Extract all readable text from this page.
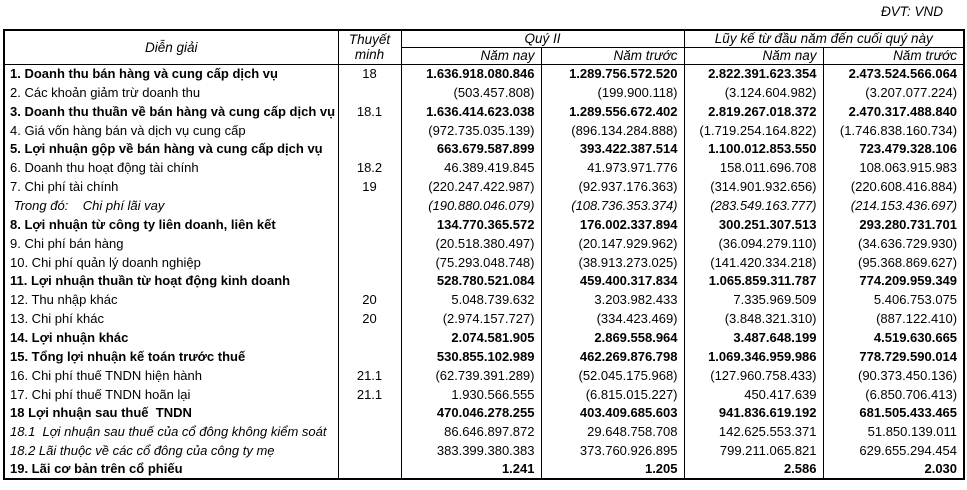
ĐVT: VND
Diễn giải	Thuyết minh	Quý II		Lũy kế từ đầu năm đến cuối quý này	
		Năm nay	Năm trước	Năm nay	Năm trước
1. Doanh thu bán hàng và cung cấp dịch vụ	18	1.636.918.080.846	1.289.756.572.520	2.822.391.623.354	2.473.524.566.064
2. Các khoản giảm trừ doanh thu		(503.457.808)	(199.900.118)	(3.124.604.982)	(3.207.077.224)
3. Doanh thu thuần về bán hàng và cung cấp dịch vụ	18.1	1.636.414.623.038	1.289.556.672.402	2.819.267.018.372	2.470.317.488.840
4. Giá vốn hàng bán và dịch vụ cung cấp		(972.735.035.139)	(896.134.284.888)	(1.719.254.164.822)	(1.746.838.160.734)
5. Lợi nhuận gộp về bán hàng và cung cấp dịch vụ		663.679.587.899	393.422.387.514	1.100.012.853.550	723.479.328.106
6. Doanh thu hoạt động tài chính	18.2	46.389.419.845	41.973.971.776	158.011.696.708	108.063.915.983
7. Chi phí tài chính	19	(220.247.422.987)	(92.937.176.363)	(314.901.932.656)	(220.608.416.884)
Trong đó:    Chi phí lãi vay		(190.880.046.079)	(108.736.353.374)	(283.549.163.777)	(214.153.436.697)
8. Lợi nhuận từ công ty liên doanh, liên kết		134.770.365.572	176.002.337.894	300.251.307.513	293.280.731.701
9. Chi phí bán hàng		(20.518.380.497)	(20.147.929.962)	(36.094.279.110)	(34.636.729.930)
10. Chi phí quản lý doanh nghiệp		(75.293.048.748)	(38.913.273.025)	(141.420.334.218)	(95.368.869.627)
11. Lợi nhuận thuần từ hoạt động kinh doanh		528.780.521.084	459.400.317.834	1.065.859.311.787	774.209.959.349
12. Thu nhập khác	20	5.048.739.632	3.203.982.433	7.335.969.509	5.406.753.075
13. Chi phí khác	20	(2.974.157.727)	(334.423.469)	(3.848.321.310)	(887.122.410)
14. Lợi nhuận khác		2.074.581.905	2.869.558.964	3.487.648.199	4.519.630.665
15. Tổng lợi nhuận kế toán trước thuế		530.855.102.989	462.269.876.798	1.069.346.959.986	778.729.590.014
16. Chi phí thuế TNDN hiện hành	21.1	(62.739.391.289)	(52.045.175.968)	(127.960.758.433)	(90.373.450.136)
17. Chi phí thuế TNDN hoãn lại	21.1	1.930.566.555	(6.815.015.227)	450.417.639	(6.850.706.413)
18 Lợi nhuận sau thuế  TNDN		470.046.278.255	403.409.685.603	941.836.619.192	681.505.433.465
18.1  Lợi nhuận sau thuế của cổ đông không kiểm soát		86.646.897.872	29.648.758.708	142.625.553.371	51.850.139.011
18.2 Lãi thuộc về các cổ đông của công ty mẹ		383.399.380.383	373.760.926.895	799.211.065.821	629.655.294.454
19. Lãi cơ bản trên cổ phiếu		1.241	1.205	2.586	2.030
